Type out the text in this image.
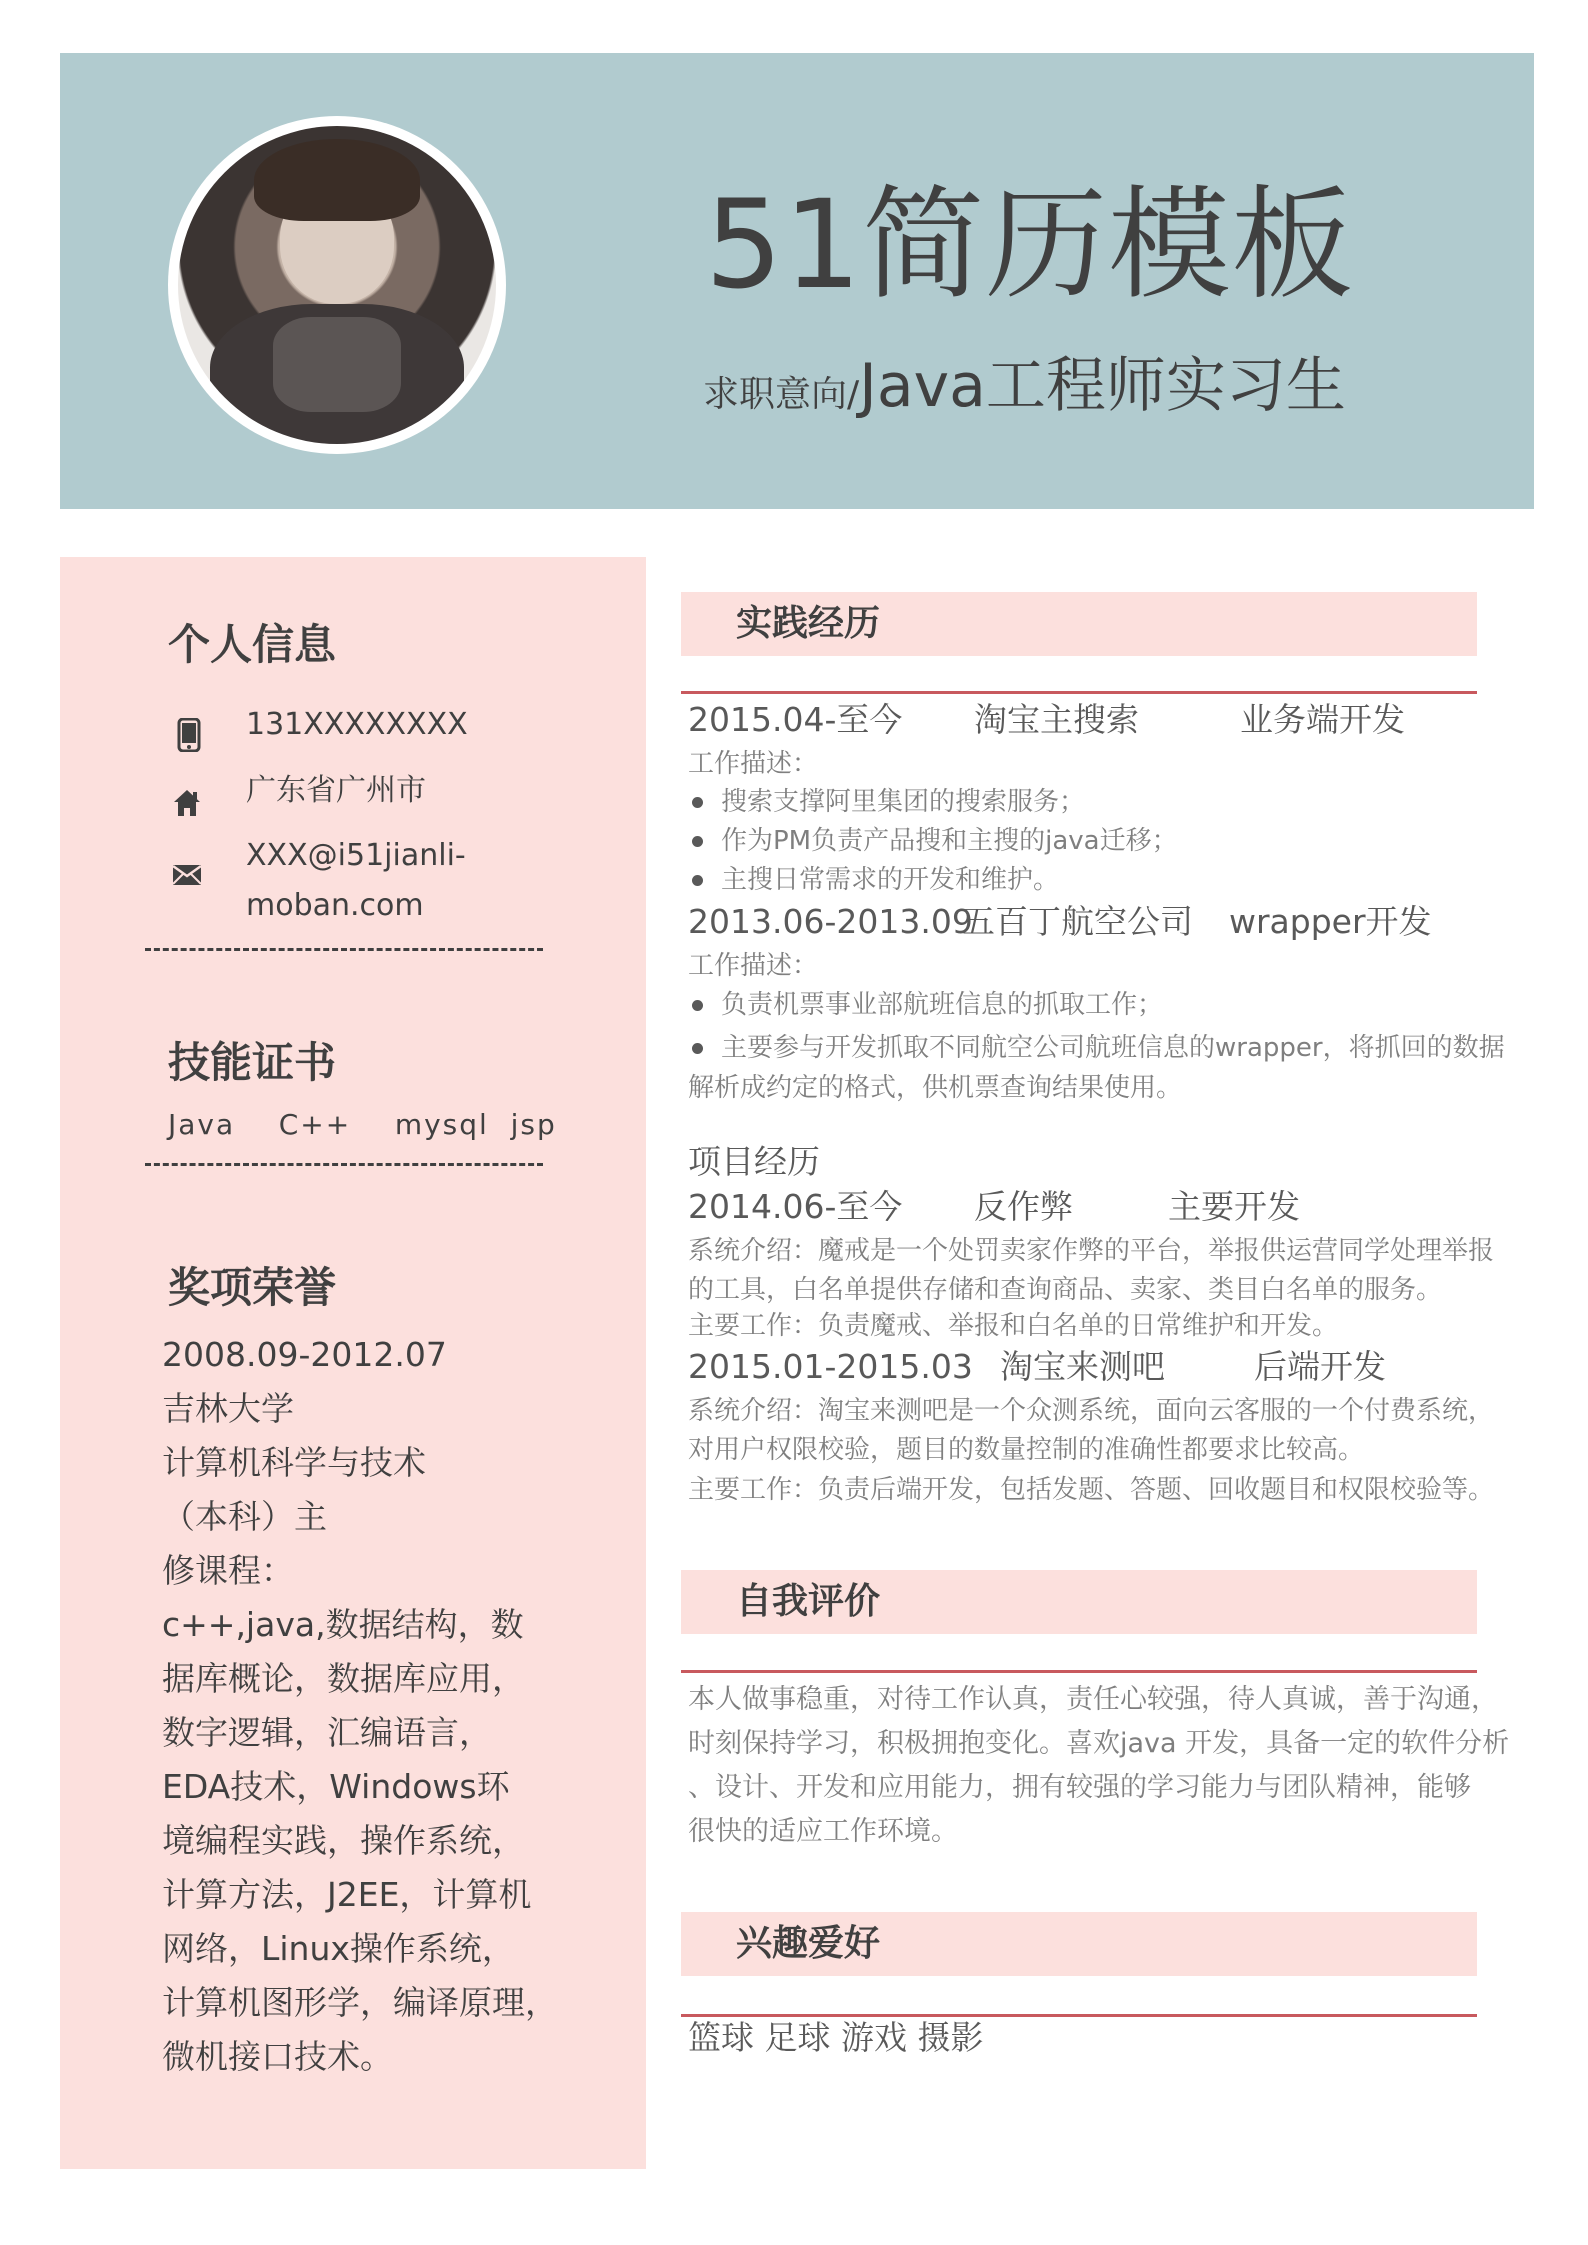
51简历模板
求职意向/Java工程师实习生
个人信息
131XXXXXXXX
广东省广州市
XXX@i51jianli-
moban.com
技能证书
Java    C++    mysql  jsp
奖项荣誉
2008.09-2012.07
吉林大学
计算机科学与技术
（本科）主
修课程：
c++,java,数据结构，数
据库概论，数据库应用，
数字逻辑，汇编语言，
EDA技术，Windows环
境编程实践，操作系统，
计算方法，J2EE，计算机
网络，Linux操作系统，
计算机图形学，编译原理，
微机接口技术。
实践经历
2015.04-至今 淘宝主搜索	业务端开发
工作描述：
搜索支撑阿里集团的搜索服务；
作为PM负责产品搜和主搜的java迁移；
主搜日常需求的开发和维护。
2013.06-2013.09
五百丁航空公司 wrapper开发
工作描述：
负责机票事业部航班信息的抓取工作；
主要参与开发抓取不同航空公司航班信息的wrapper，将抓回的数据
解析成约定的格式，供机票查询结果使用。
项目经历
2014.06-至今 反作弊	主要开发
系统介绍：魔戒是一个处罚卖家作弊的平台，举报供运营同学处理举报
的工具，白名单提供存储和查询商品、卖家、类目白名单的服务。
主要工作：负责魔戒、举报和白名单的日常维护和开发。
2015.01-2015.03 淘宝来测吧	后端开发
系统介绍：淘宝来测吧是一个众测系统，面向云客服的一个付费系统，
对用户权限校验，题目的数量控制的准确性都要求比较高。
主要工作：负责后端开发，包括发题、答题、回收题目和权限校验等。
自我评价
本人做事稳重，对待工作认真，责任心较强，待人真诚，善于沟通，
时刻保持学习，积极拥抱变化。喜欢java 开发，具备一定的软件分析
、设计、开发和应用能力，拥有较强的学习能力与团队精神，能够
很快的适应工作环境。
兴趣爱好
篮球 足球 游戏 摄影
